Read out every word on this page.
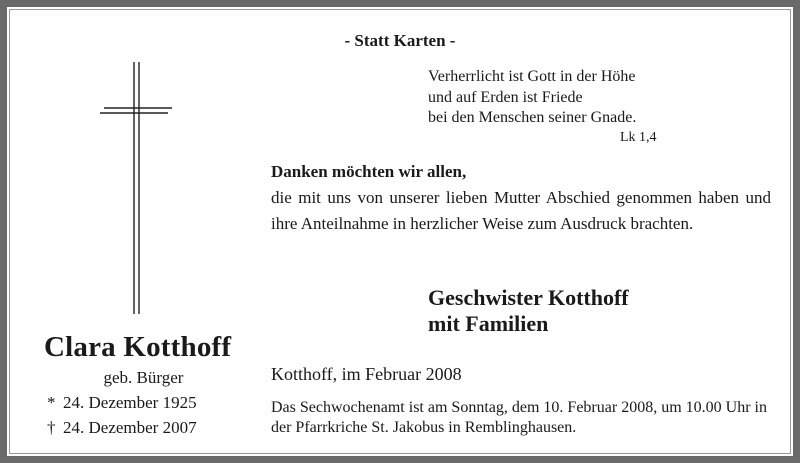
- Statt Karten -
Verherrlicht ist Gott in der Höhe
und auf Erden ist Friede
bei den Menschen seiner Gnade.
Lk 1,4
Danken möchten wir allen,
die mit uns von unserer lieben Mutter Abschied genommen haben und ihre Anteilnahme in herzlicher Weise zum Ausdruck brachten.
Geschwister Kotthoff
mit Familien
Kotthoff, im Februar 2008
Das Sechwochenamt ist am Sonntag, dem 10. Februar 2008, um 10.00 Uhr in der Pfarrkriche St. Jakobus in Remblinghausen.
Clara Kotthoff
geb. Bürger
* 24. Dezember 1925
† 24. Dezember 2007
